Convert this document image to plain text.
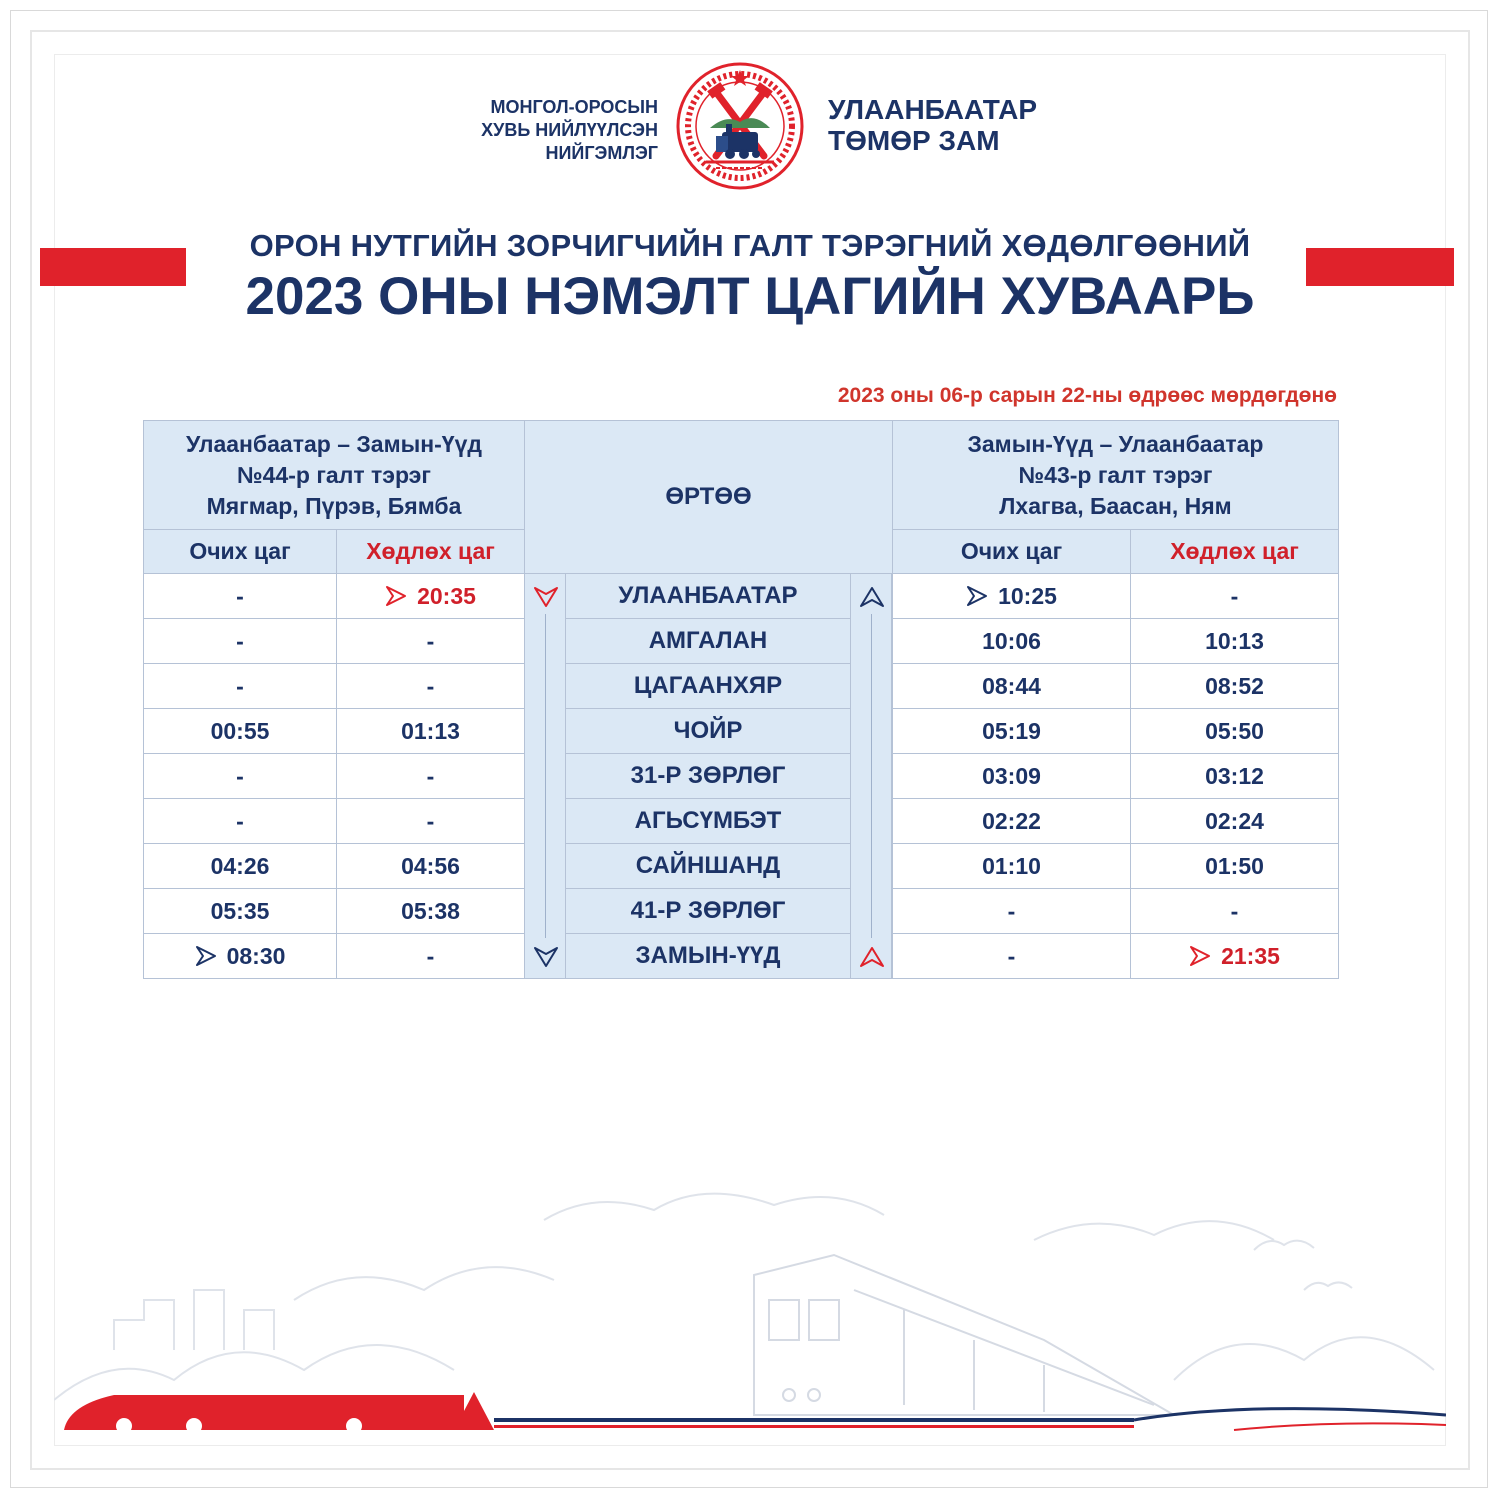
МОНГОЛ-ОРОСЫН
ХУВЬ НИЙЛҮҮЛСЭН
НИЙГЭМЛЭГ
УЛААНБААТАР
ТӨМӨР ЗАМ
ОРОН НУТГИЙН ЗОРЧИГЧИЙН ГАЛТ ТЭРЭГНИЙ ХӨДӨЛГӨӨНИЙ
2023 ОНЫ НЭМЭЛТ ЦАГИЙН ХУВААРЬ
2023 оны 06-р сарын 22-ны өдрөөс мөрдөгдөнө
Улаанбаатар – Замын-Үүд
№44-р галт тэрэг
Мягмар, Пүрэв, Бямба	ӨРТӨӨ
Замын-Үүд – Улаанбаатар
№43-р галт тэрэг
Лхагва, Баасан, Ням
Очих цаг	Хөдлөх цаг	Очих цаг	Хөдлөх цаг
-	20:35	УЛААНБААТАР	10:25	-
-	-	АМГАЛАН	10:06	10:13
-	-	ЦАГААНХЯР	08:44	08:52
00:55	01:13	ЧОЙР	05:19	05:50
-	-	31-Р ЗӨРЛӨГ	03:09	03:12
-	-	АГЬСҮМБЭТ	02:22	02:24
04:26	04:56	САЙНШАНД	01:10	01:50
05:35	05:38	41-Р ЗӨРЛӨГ	-	-
08:30	-	ЗАМЫН-ҮҮД	-	21:35
